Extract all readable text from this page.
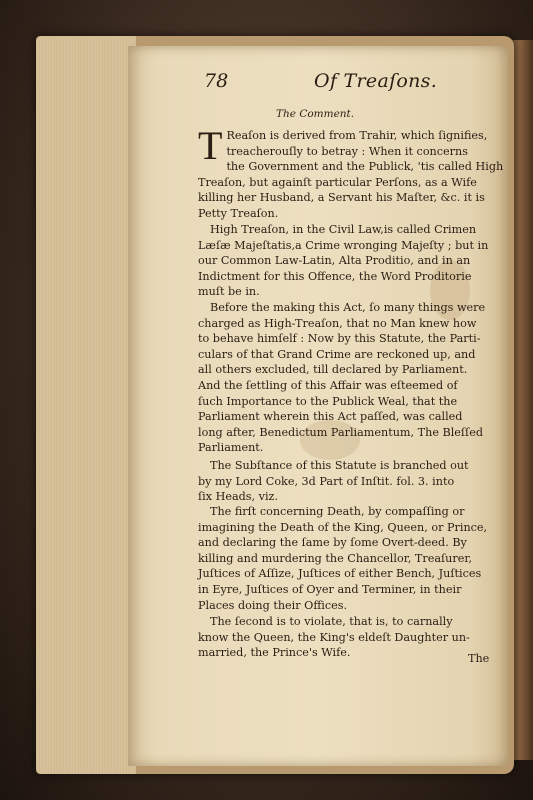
78	Of Treaſons.
The Comment.
T Reaſon is derived from Trahir, which ſignifies,
treacherouſly to betray : When it concerns
the Government and the Publick, 'tis called High
Treaſon, but againſt particular Perſons, as a Wife
killing her Husband, a Servant his Maſter, &c. it is
Petty Treaſon.
High Treaſon, in the Civil Law,is called Crimen
Læſæ Majeſtatis,a Crime wronging Majeſty ; but in
our Common Law-Latin, Alta Proditio, and in an
Indictment for this Offence, the Word Proditorie
muſt be in.
Before the making this Act, ſo many things were
charged as High-Treaſon, that no Man knew how
to behave himſelf : Now by this Statute, the Parti-
culars of that Grand Crime are reckoned up, and
all others excluded, till declared by Parliament.
And the ſettling of this Affair was eſteemed of
ſuch Importance to the Publick Weal, that the
Parliament wherein this Act paſſed, was called
long after, Benedictum Parliamentum, The Bleſſed
Parliament.
The Subſtance of this Statute is branched out
by my Lord Coke, 3d Part of Inſtit. fol. 3. into
ſix Heads, viz.
The firſt concerning Death, by compaſſing or
imagining the Death of the King, Queen, or Prince,
and declaring the ſame by ſome Overt-deed. By
killing and murdering the Chancellor, Treaſurer,
Juſtices of Aſſize, Juſtices of either Bench, Juſtices
in Eyre, Juſtices of Oyer and Terminer, in their
Places doing their Offices.
The ſecond is to violate, that is, to carnally
know the Queen, the King's eldeſt Daughter un-
married, the Prince's Wife.	The
